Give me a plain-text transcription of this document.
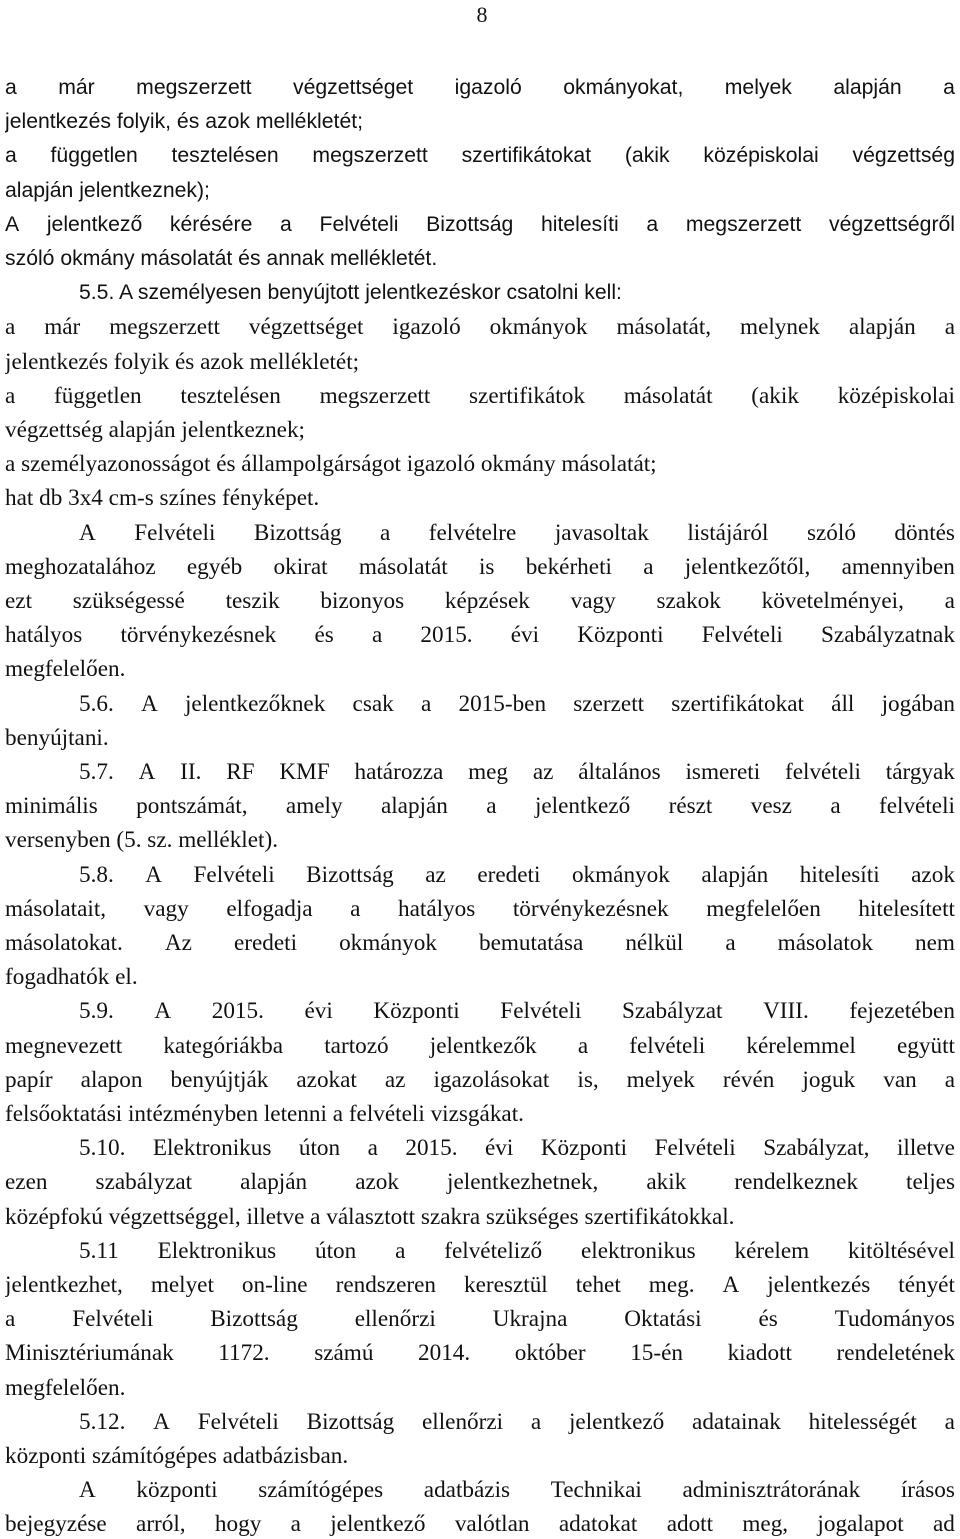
8
a már megszerzett végzettséget igazoló okmányokat, melyek alapján a
jelentkezés folyik, és azok mellékletét;
a független tesztelésen megszerzett szertifikátokat (akik középiskolai végzettség
alapján jelentkeznek);
A jelentkező kérésére a Felvételi Bizottság hitelesíti a megszerzett végzettségről
szóló okmány másolatát és annak mellékletét.
5.5. A személyesen benyújtott jelentkezéskor csatolni kell:
a már megszerzett végzettséget igazoló okmányok másolatát, melynek alapján a
jelentkezés folyik és azok mellékletét;
a független tesztelésen megszerzett szertifikátok másolatát (akik középiskolai
végzettség alapján jelentkeznek;
a személyazonosságot és állampolgárságot igazoló okmány másolatát;
hat db 3x4 cm-s színes fényképet.
A Felvételi Bizottság a felvételre javasoltak listájáról szóló döntés
meghozatalához egyéb okirat másolatát is bekérheti a jelentkezőtől, amennyiben
ezt szükségessé teszik bizonyos képzések vagy szakok követelményei, a
hatályos törvénykezésnek és a 2015. évi Központi Felvételi Szabályzatnak
megfelelően.
5.6. A jelentkezőknek csak a 2015-ben szerzett szertifikátokat áll jogában
benyújtani.
5.7. A II. RF KMF határozza meg az általános ismereti felvételi tárgyak
minimális pontszámát, amely alapján a jelentkező részt vesz a felvételi
versenyben (5. sz. melléklet).
5.8. A Felvételi Bizottság az eredeti okmányok alapján hitelesíti azok
másolatait, vagy elfogadja a hatályos törvénykezésnek megfelelően hitelesített
másolatokat. Az eredeti okmányok bemutatása nélkül a másolatok nem
fogadhatók el.
5.9. A 2015. évi Központi Felvételi Szabályzat VIII. fejezetében
megnevezett kategóriákba tartozó jelentkezők a felvételi kérelemmel együtt
papír alapon benyújtják azokat az igazolásokat is, melyek révén joguk van a
felsőoktatási intézményben letenni a felvételi vizsgákat.
5.10. Elektronikus úton a 2015. évi Központi Felvételi Szabályzat, illetve
ezen szabályzat alapján azok jelentkezhetnek, akik rendelkeznek teljes
középfokú végzettséggel, illetve a választott szakra szükséges szertifikátokkal.
5.11 Elektronikus úton a felvételiző elektronikus kérelem kitöltésével
jelentkezhet, melyet on-line rendszeren keresztül tehet meg. A jelentkezés tényét
a Felvételi Bizottság ellenőrzi Ukrajna Oktatási és Tudományos
Minisztériumának 1172. számú 2014. október 15-én kiadott rendeletének
megfelelően.
5.12. A Felvételi Bizottság ellenőrzi a jelentkező adatainak hitelességét a
központi számítógépes adatbázisban.
A központi számítógépes adatbázis Technikai adminisztrátorának írásos
bejegyzése arról, hogy a jelentkező valótlan adatokat adott meg, jogalapot ad
